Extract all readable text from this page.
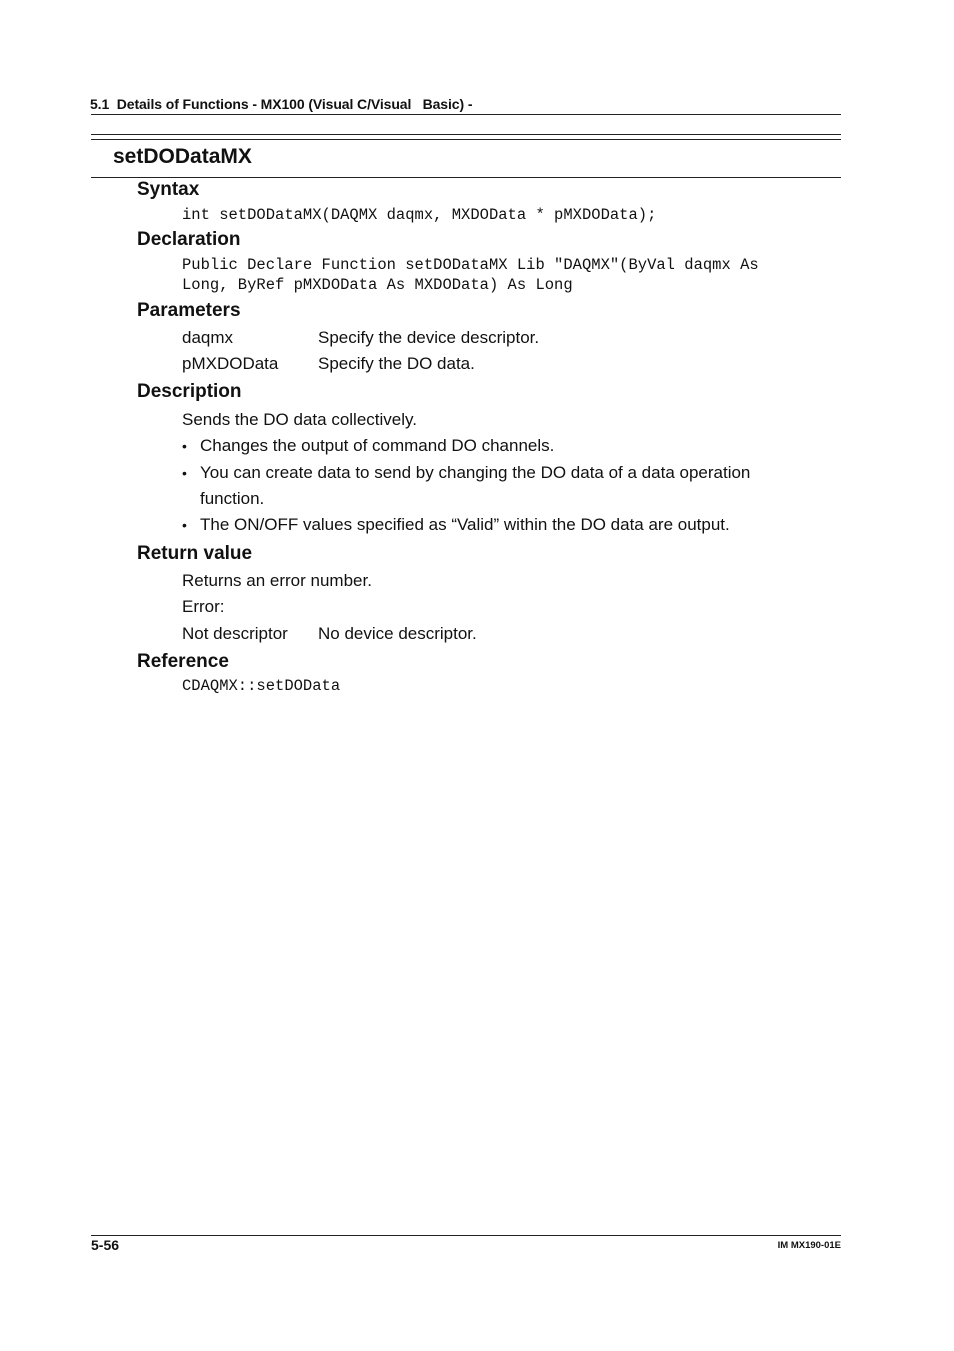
5.1  Details of Functions - MX100 (Visual C/Visual   Basic) -
setDODataMX
Syntax
int setDODataMX(DAQMX daqmx, MXDOData * pMXDOData);
Declaration
Public Declare Function setDODataMX Lib "DAQMX"(ByVal daqmx As
Long, ByRef pMXDOData As MXDOData) As Long
Parameters
daqmx	Specify the device descriptor.
pMXDOData Specify the DO data.
Description
Sends the DO data collectively.
• Changes the output of command DO channels.
• You can create data to send by changing the DO data of a data operation
function.
• The ON/OFF values specified as “Valid” within the DO data are output.
Return value
Returns an error number.
Error:
Not descriptor No device descriptor.
Reference
CDAQMX::setDOData
5-56	IM MX190-01E
